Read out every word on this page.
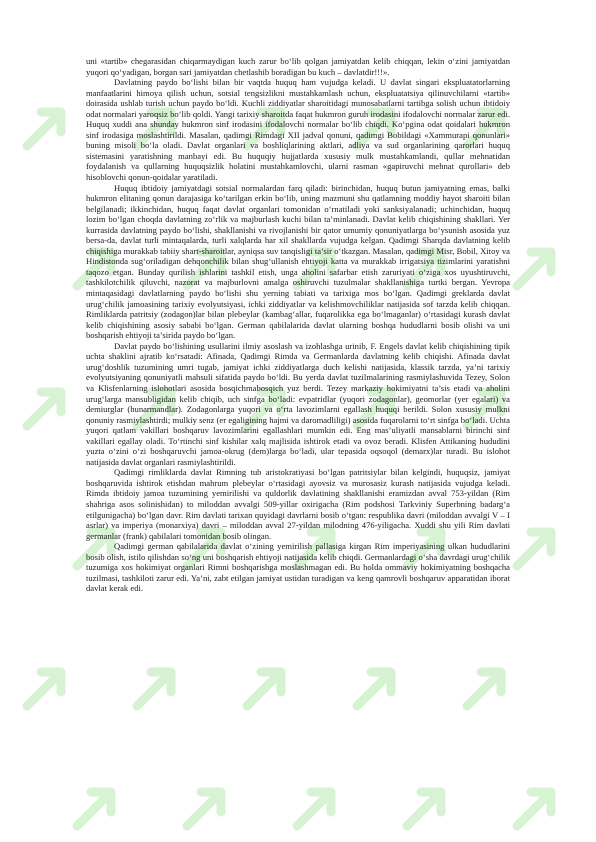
uni «tartib» chegarasidan chiqarmaydigan kuch zarur bo‘lib qolgan jamiyatdan kelib chiqqan, lekin o‘zini jamiyatdan yuqori qo‘yadigan, borgan sari jamiyatdan chetlashib boradigan bu kuch – davlatdir!!!».

Davlatning paydo bo‘lishi bilan bir vaqtda huquq ham vujudga keladi. U davlat singari ekspluatatorlarning manfaatlarini himoya qilish uchun, sotsial tengsizlikni mustahkamlash uchun, ekspluatatsiya qilinuvchilarni «tartib» doirasida ushlab turish uchun paydo bo‘ldi. Kuchli ziddiyatlar sharoitidagi munosabatlarni tartibga solish uchun ibtidoiy odat normalari yaroqsiz bo‘lib qoldi. Yangi tarixiy sharoitda faqat hukmron guruh irodasini ifodalovchi normalar zarur edi. Huquq xuddi ana shunday hukmron sinf irodasini ifodalovchi normalar bo‘lib chiqdi. Ko‘pgina odat qoidalari hukmron sinf irodasiga moslashtirildi. Masalan, qadimgi Rimdagi XII jadval qonuni, qadimgi Bobildagi «Xammurapi qonunlari» buning misoli bo‘la oladi. Davlat organlari va boshliqlarining aktlari, adliya va sud organlarining qarorlari huquq sistemasini yaratishning manbayi edi. Bu huquqiy hujjatlarda xususiy mulk mustahkamlandi, qullar mehnatidan foydalanish va qullarning huquqsizlik holatini mustahkamlovchi, ularni rasman «gapiruvchi mehnat qurollari» deb hisoblovchi qonun-qoidalar yaratiladi.

Huquq ibtidoiy jamiyatdagi sotsial normalardan farq qiladi: birinchidan, huquq butun jamiyatning emas, balki hukmron elitaning qonun darajasiga ko‘tarilgan erkin bo‘lib, uning mazmuni shu qatlamning moddiy hayot sharoiti bilan belgilanadi; ikkinchidan, huquq faqat davlat organlari tomonidan o‘rnatiladi yoki sanksiyalanadi; uchinchidan, huquq lozim bo‘lgan choqda davlatning zo‘rlik va majburlash kuchi bilan ta’minlanadi. Davlat kelib chiqishining shakllari. Yer kurrasida davlatning paydo bo‘lishi, shakllanishi va rivojlanishi bir qator umumiy qonuniyatlarga bo‘ysunish asosida yuz bersa-da, davlat turli mintaqalarda, turli xalqlarda har xil shakllarda vujudga kelgan. Qadimgi Sharqda davlatning kelib chiqishiga murakkab tabiiy shart-sharoitlar, ayniqsa suv tanqisligi ta’sir o‘tkazgan. Masalan, qadimgi Misr, Bobil, Xitoy va Hindistonda sug‘oriladigan dehqonchilik bilan shug‘ullanish ehtiyoji katta va murakkab irrigatsiya tizimlarini yaratishni taqozo etgan. Bunday qurilish ishlarini tashkil etish, unga aholini safarbar etish zaruriyati o‘ziga xos uyushtiruvchi, tashkilotchilik qiluvchi, nazorat va majburlovni amalga oshiruvchi tuzulmalar shakllanishiga turtki bergan. Yevropa mintaqasidagi davlatlarning paydo bo‘lishi shu yerning tabiati va tarixiga mos bo‘lgan. Qadimgi greklarda davlat urug‘chilik jamoasining tarixiy evolyutsiyasi, ichki ziddiyatlar va kelishmovchiliklar natijasida sof tarzda kelib chiqqan. Rimliklarda patritsiy (zodagon)lar bilan plebeylar (kambag‘allar, fuqarolikka ega bo‘lmaganlar) o‘rtasidagi kurash davlat kelib chiqishining asosiy sababi bo‘lgan. German qabilalarida davlat ularning boshqa hududlarni bosib olishi va uni boshqarish ehtiyoji ta’sirida paydo bo‘lgan.

Davlat paydo bo‘lishining usullarini ilmiy asoslash va izohlashga urinib, F. Engels davlat kelib chiqishining tipik uchta shaklini ajratib ko‘rsatadi: Afinada, Qadimgi Rimda va Germanlarda davlatning kelib chiqishi. Afinada davlat urug‘doshlik tuzumining umri tugab, jamiyat ichki ziddiyatlarga duch kelishi natijasida, klassik tarzda, ya’ni tarixiy evolyutsiyaning qonuniyatli mahsuli sifatida paydo bo‘ldi. Bu yerda davlat tuzilmalarining rasmiylashuvida Tezey, Solon va Klisfenlarning islohotlari asosida bosqichmabosqich yuz berdi. Tezey markaziy hokimiyatni ta’sis etadi va aholini urug‘larga mansubligidan kelib chiqib, uch sinfga bo‘ladi: evpatridlar (yuqori zodagonlar), geomorlar (yer egalari) va demiurglar (hunarmandlar). Zodagonlarga yuqori va o‘rta lavozimlarni egallash huquqi berildi. Solon xususiy mulkni qonuniy rasmiylashtirdi; mulkiy senz (er egaligining hajmi va daromadliligi) asosida fuqarolarni to‘rt sinfga bo‘ladi. Uchta yuqori qatlam vakillari boshqaruv lavozimlarini egallashlari mumkin edi. Eng mas’uliyatli mansablarni birinchi sinf vakillari egallay oladi. To‘rtinchi sinf kishilar xalq majlisida ishtirok etadi va ovoz beradi. Klisfen Attikaning hududini yuzta o‘zini o‘zi boshqaruvchi jamoa-okrug (dem)larga bo‘ladi, ular tepasida oqsoqol (demarx)lar turadi. Bu islohot natijasida davlat organlari rasmiylashtirildi.

Qadimgi rimliklarda davlat Rimning tub aristokratiyasi bo‘lgan patritsiylar bilan kelgindi, huquqsiz, jamiyat boshqaruvida ishtirok etishdan mahrum plebeylar o‘rtasidagi ayovsiz va murosasiz kurash natijasida vujudga keladi. Rimda ibtidoiy jamoa tuzumining yemirilishi va quldorlik davlatining shakllanishi eramizdan avval 753-yildan (Rim shahriga asos solinishidan) to miloddan avvalgi 509-yillar oxirigacha (Rim podshosi Tarkviniy Superbning badarg‘a etilgunigacha) bo‘lgan davr. Rim davlati tarixan quyidagi davrlarni bosib o‘tgan: respublika davri (miloddan avvalgi V – I asrlar) va imperiya (monarxiya) davri – miloddan avval 27-yildan milodning 476-yiligacha. Xuddi shu yili Rim davlati germanlar (frank) qabilalari tomonidan bosib olingan.

Qadimgi german qabilalarida davlat o‘zining yemirilish pallasiga kirgan Rim imperiyasining ulkan hududlarini bosib olish, istilo qilishdan so‘ng uni boshqarish ehtiyoji natijasida kelib chiqdi. Germanlardagi o‘sha davrdagi urug‘chilik tuzumiga xos hokimiyat organlari Rimni boshqarishga moslashmagan edi. Bu holda ommaviy hokimiyatning boshqacha tuzilmasi, tashkiloti zarur edi. Ya’ni, zabt etilgan jamiyat ustidan turadigan va keng qamrovli boshqaruv apparatidan iborat davlat kerak edi.
